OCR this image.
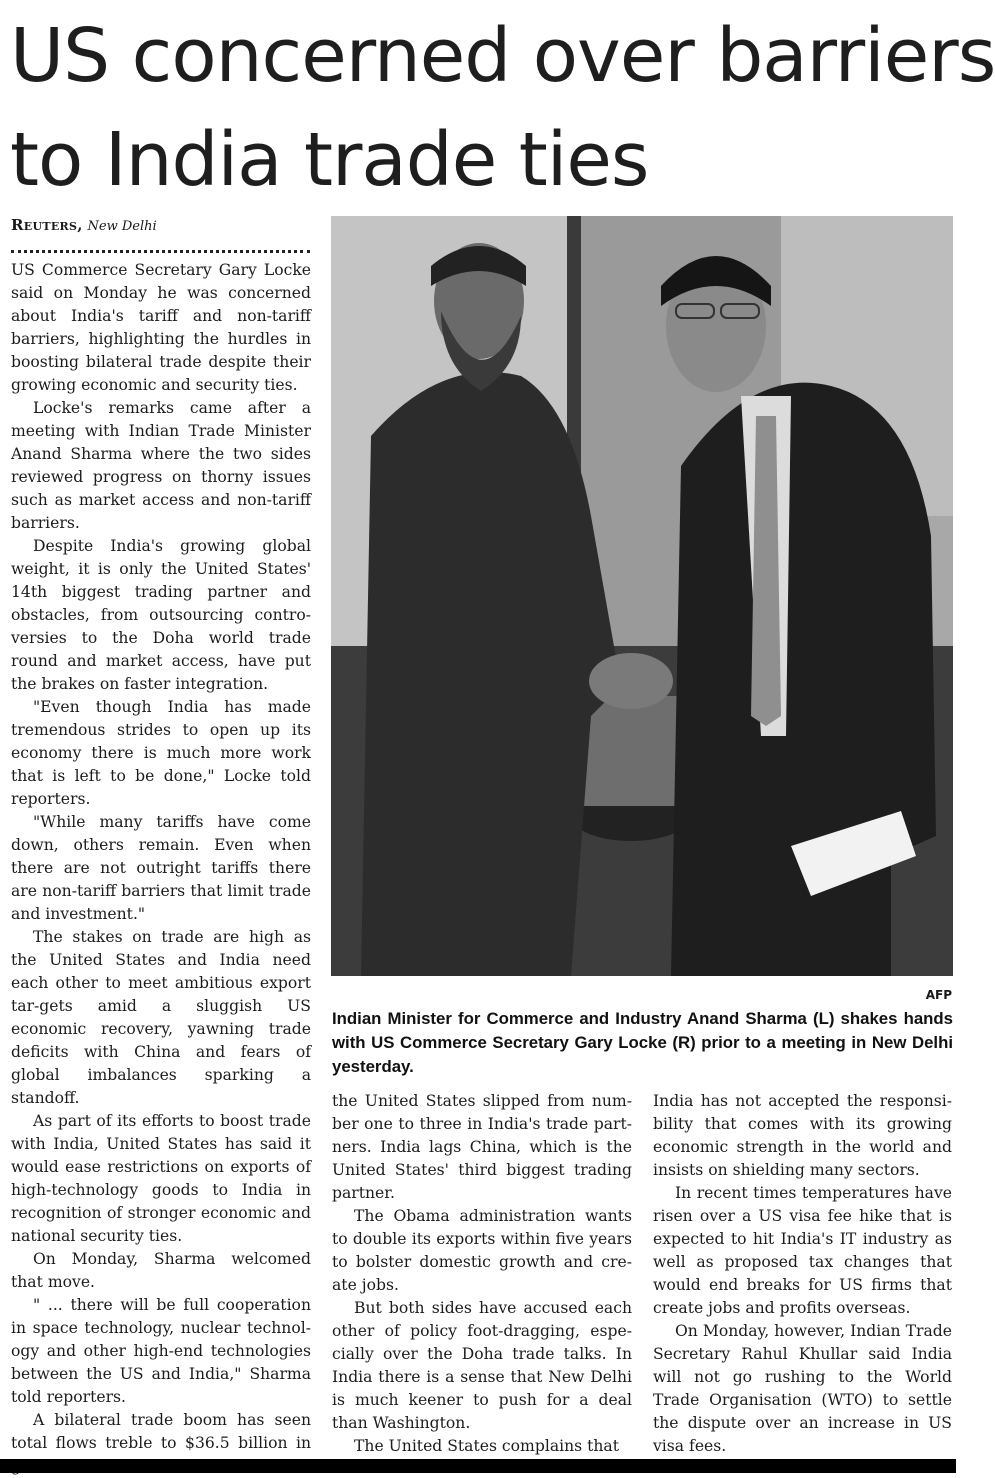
US concerned over barriers
to India trade ties
Reuters, New Delhi

US Commerce Secretary Gary Locke said on Monday he was concerned about India's tariff and non-tariff barriers, highlighting the hurdles in boosting bilateral trade despite their growing economic and security ties.

Locke's remarks came after a meeting with Indian Trade Minister Anand Sharma where the two sides reviewed progress on thorny issues such as market access and non-tariff barriers.

Despite India's growing global weight, it is only the United States' 14th biggest trading partner and obstacles, from outsourcing contro-versies to the Doha world trade round and market access, have put the brakes on faster integration.

"Even though India has made tremendous strides to open up its economy there is much more work that is left to be done," Locke told reporters.

"While many tariffs have come down, others remain. Even when there are not outright tariffs there are non-tariff barriers that limit trade and investment."

The stakes on trade are high as the United States and India need each other to meet ambitious export tar-gets amid a sluggish US economic recovery, yawning trade deficits with China and fears of global imbalances sparking a standoff.

As part of its efforts to boost trade with India, United States has said it would ease restrictions on exports of high-technology goods to India in recognition of stronger economic and national security ties.

On Monday, Sharma welcomed that move.

" ... there will be full cooperation in space technology, nuclear technol-ogy and other high-end technologies between the US and India," Sharma told reporters.

A bilateral trade boom has seen total flows treble to $36.5 billion in

AFP
Indian Minister for Commerce and Industry Anand Sharma (L) shakes hands with US Commerce Secretary Gary Locke (R) prior to a meeting in New Delhi yesterday.

the United States slipped from num-ber one to three in India's trade part-ners. India lags China, which is the United States' third biggest trading partner.

The Obama administration wants to double its exports within five years to bolster domestic growth and cre-ate jobs.

But both sides have accused each other of policy foot-dragging, espe-cially over the Doha trade talks. In India there is a sense that New Delhi is much keener to push for a deal than Washington.

The United States complains that

India has not accepted the responsi-bility that comes with its growing economic strength in the world and insists on shielding many sectors.

In recent times temperatures have risen over a US visa fee hike that is expected to hit India's IT industry as well as proposed tax changes that would end breaks for US firms that create jobs and profits overseas.

On Monday, however, Indian Trade Secretary Rahul Khullar said India will not go rushing to the World Trade Organisation (WTO) to settle the dispute over an increase in US visa fees.
